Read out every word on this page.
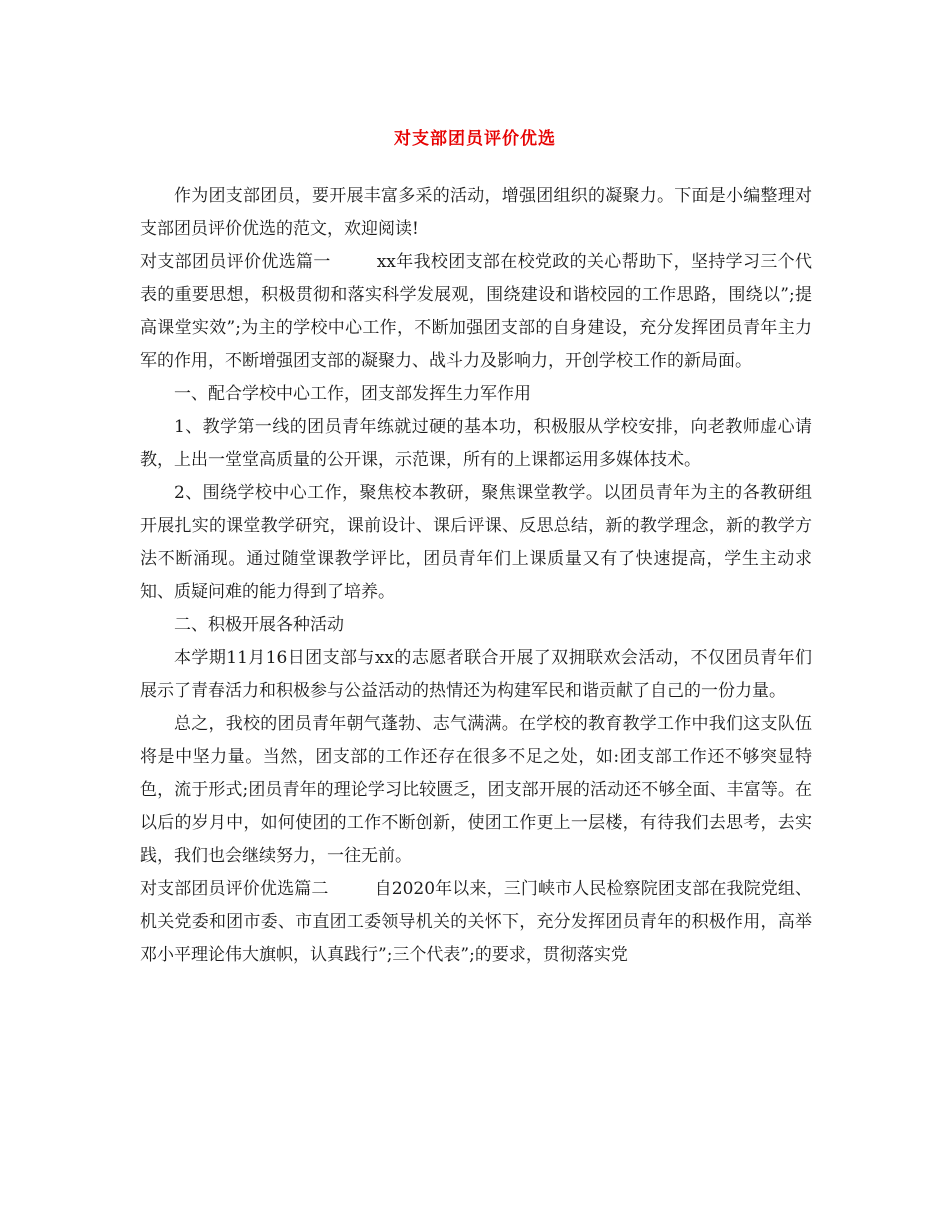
对支部团员评价优选

作为团支部团员，要开展丰富多采的活动，增强团组织的凝聚力。下面是小编整理对支部团员评价优选的范文，欢迎阅读!

对支部团员评价优选篇一	xx年我校团支部在校党政的关心帮助下，坚持学习三个代表的重要思想，积极贯彻和落实科学发展观，围绕建设和谐校园的工作思路，围绕以”;提高课堂实效”;为主的学校中心工作，不断加强团支部的自身建设，充分发挥团员青年主力军的作用，不断增强团支部的凝聚力、战斗力及影响力，开创学校工作的新局面。

一、配合学校中心工作，团支部发挥生力军作用

1、教学第一线的团员青年练就过硬的基本功，积极服从学校安排，向老教师虚心请教，上出一堂堂高质量的公开课，示范课，所有的上课都运用多媒体技术。

2、围绕学校中心工作，聚焦校本教研，聚焦课堂教学。以团员青年为主的各教研组开展扎实的课堂教学研究，课前设计、课后评课、反思总结，新的教学理念，新的教学方法不断涌现。通过随堂课教学评比，团员青年们上课质量又有了快速提高，学生主动求知、质疑问难的能力得到了培养。

二、积极开展各种活动

本学期11月16日团支部与xx的志愿者联合开展了双拥联欢会活动，不仅团员青年们展示了青春活力和积极参与公益活动的热情还为构建军民和谐贡献了自己的一份力量。

总之，我校的团员青年朝气蓬勃、志气满满。在学校的教育教学工作中我们这支队伍将是中坚力量。当然，团支部的工作还存在很多不足之处，如:团支部工作还不够突显特色，流于形式;团员青年的理论学习比较匮乏，团支部开展的活动还不够全面、丰富等。在以后的岁月中，如何使团的工作不断创新，使团工作更上一层楼，有待我们去思考，去实践，我们也会继续努力，一往无前。

对支部团员评价优选篇二	自2020年以来，三门峡市人民检察院团支部在我院党组、机关党委和团市委、市直团工委领导机关的关怀下，充分发挥团员青年的积极作用，高举邓小平理论伟大旗帜，认真践行”;三个代表”;的要求，贯彻落实党
